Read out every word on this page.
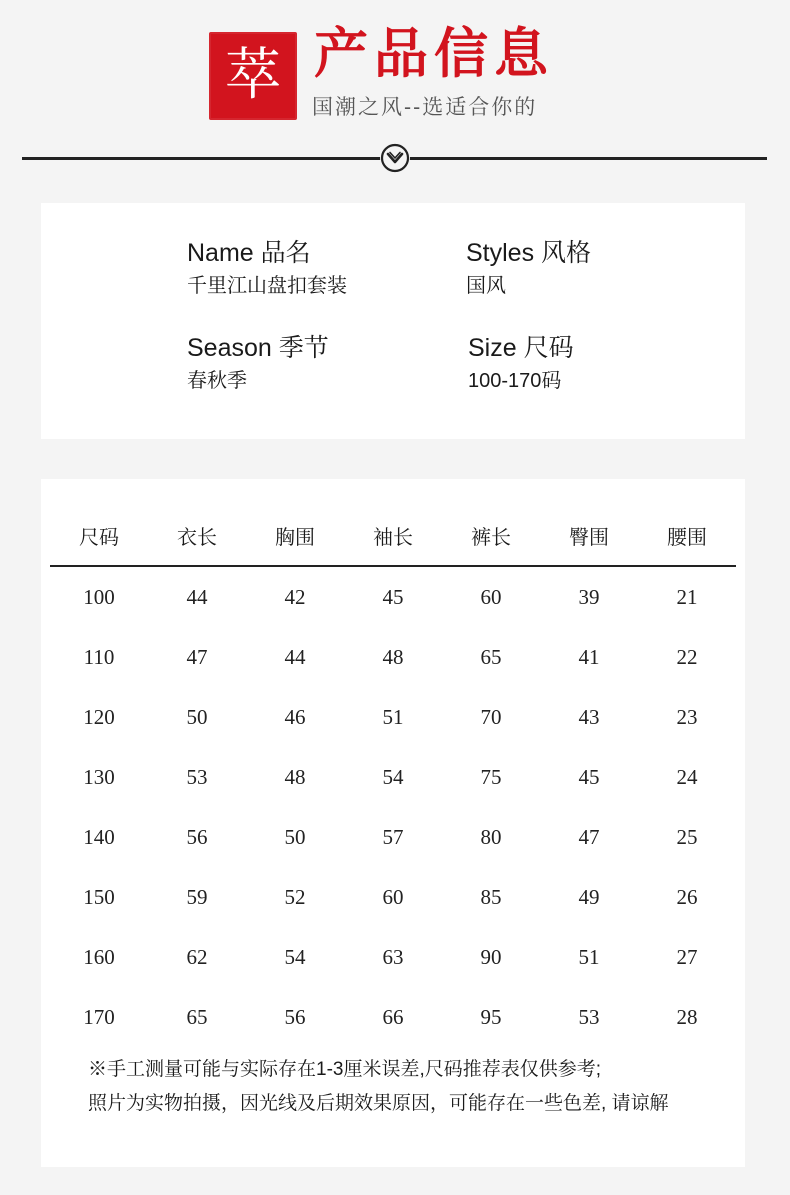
萃 产品信息
国潮之风--选适合你的
Name 品名
千里江山盘扣套装
Styles 风格
国风
Season 季节
春秋季
Size 尺码
100-170码
尺码	衣长	胸围	袖长	裤长	臀围	腰围
100	44	42	45	60	39	21
110	47	44	48	65	41	22
120	50	46	51	70	43	23
130	53	48	54	75	45	24
140	56	50	57	80	47	25
150	59	52	60	85	49	26
160	62	54	63	90	51	27
170	65	56	66	95	53	28
※手工测量可能与实际存在1-3厘米误差,尺码推荐表仅供参考;
照片为实物拍摄，因光线及后期效果原因，可能存在一些色差, 请谅解
